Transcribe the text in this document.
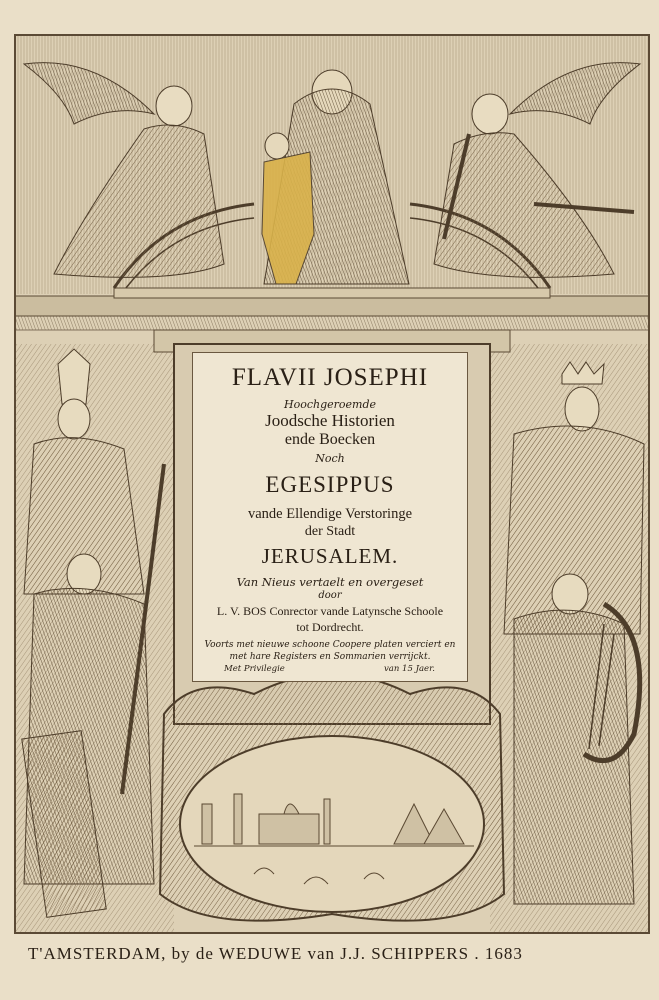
FLAVII JOSEPHI
Hoochgeroemde
Joodsche Historien
ende Boecken
Noch
EGESIPPUS
vande Ellendige Verstoringe
der Stadt
JERUSALEM.
Van Nieus vertaelt en overgeset
door
L. V. BOS Conrector vande Latynsche Schoole
tot Dordrecht.
Voorts met nieuwe schoone Coopere platen verciert en
met hare Registers en Sommarien verrijckt.
Met Privilegie	van 15 Jaer.
T'AMSTERDAM, by de WEDUWE van J.J. SCHIPPERS . 1683
